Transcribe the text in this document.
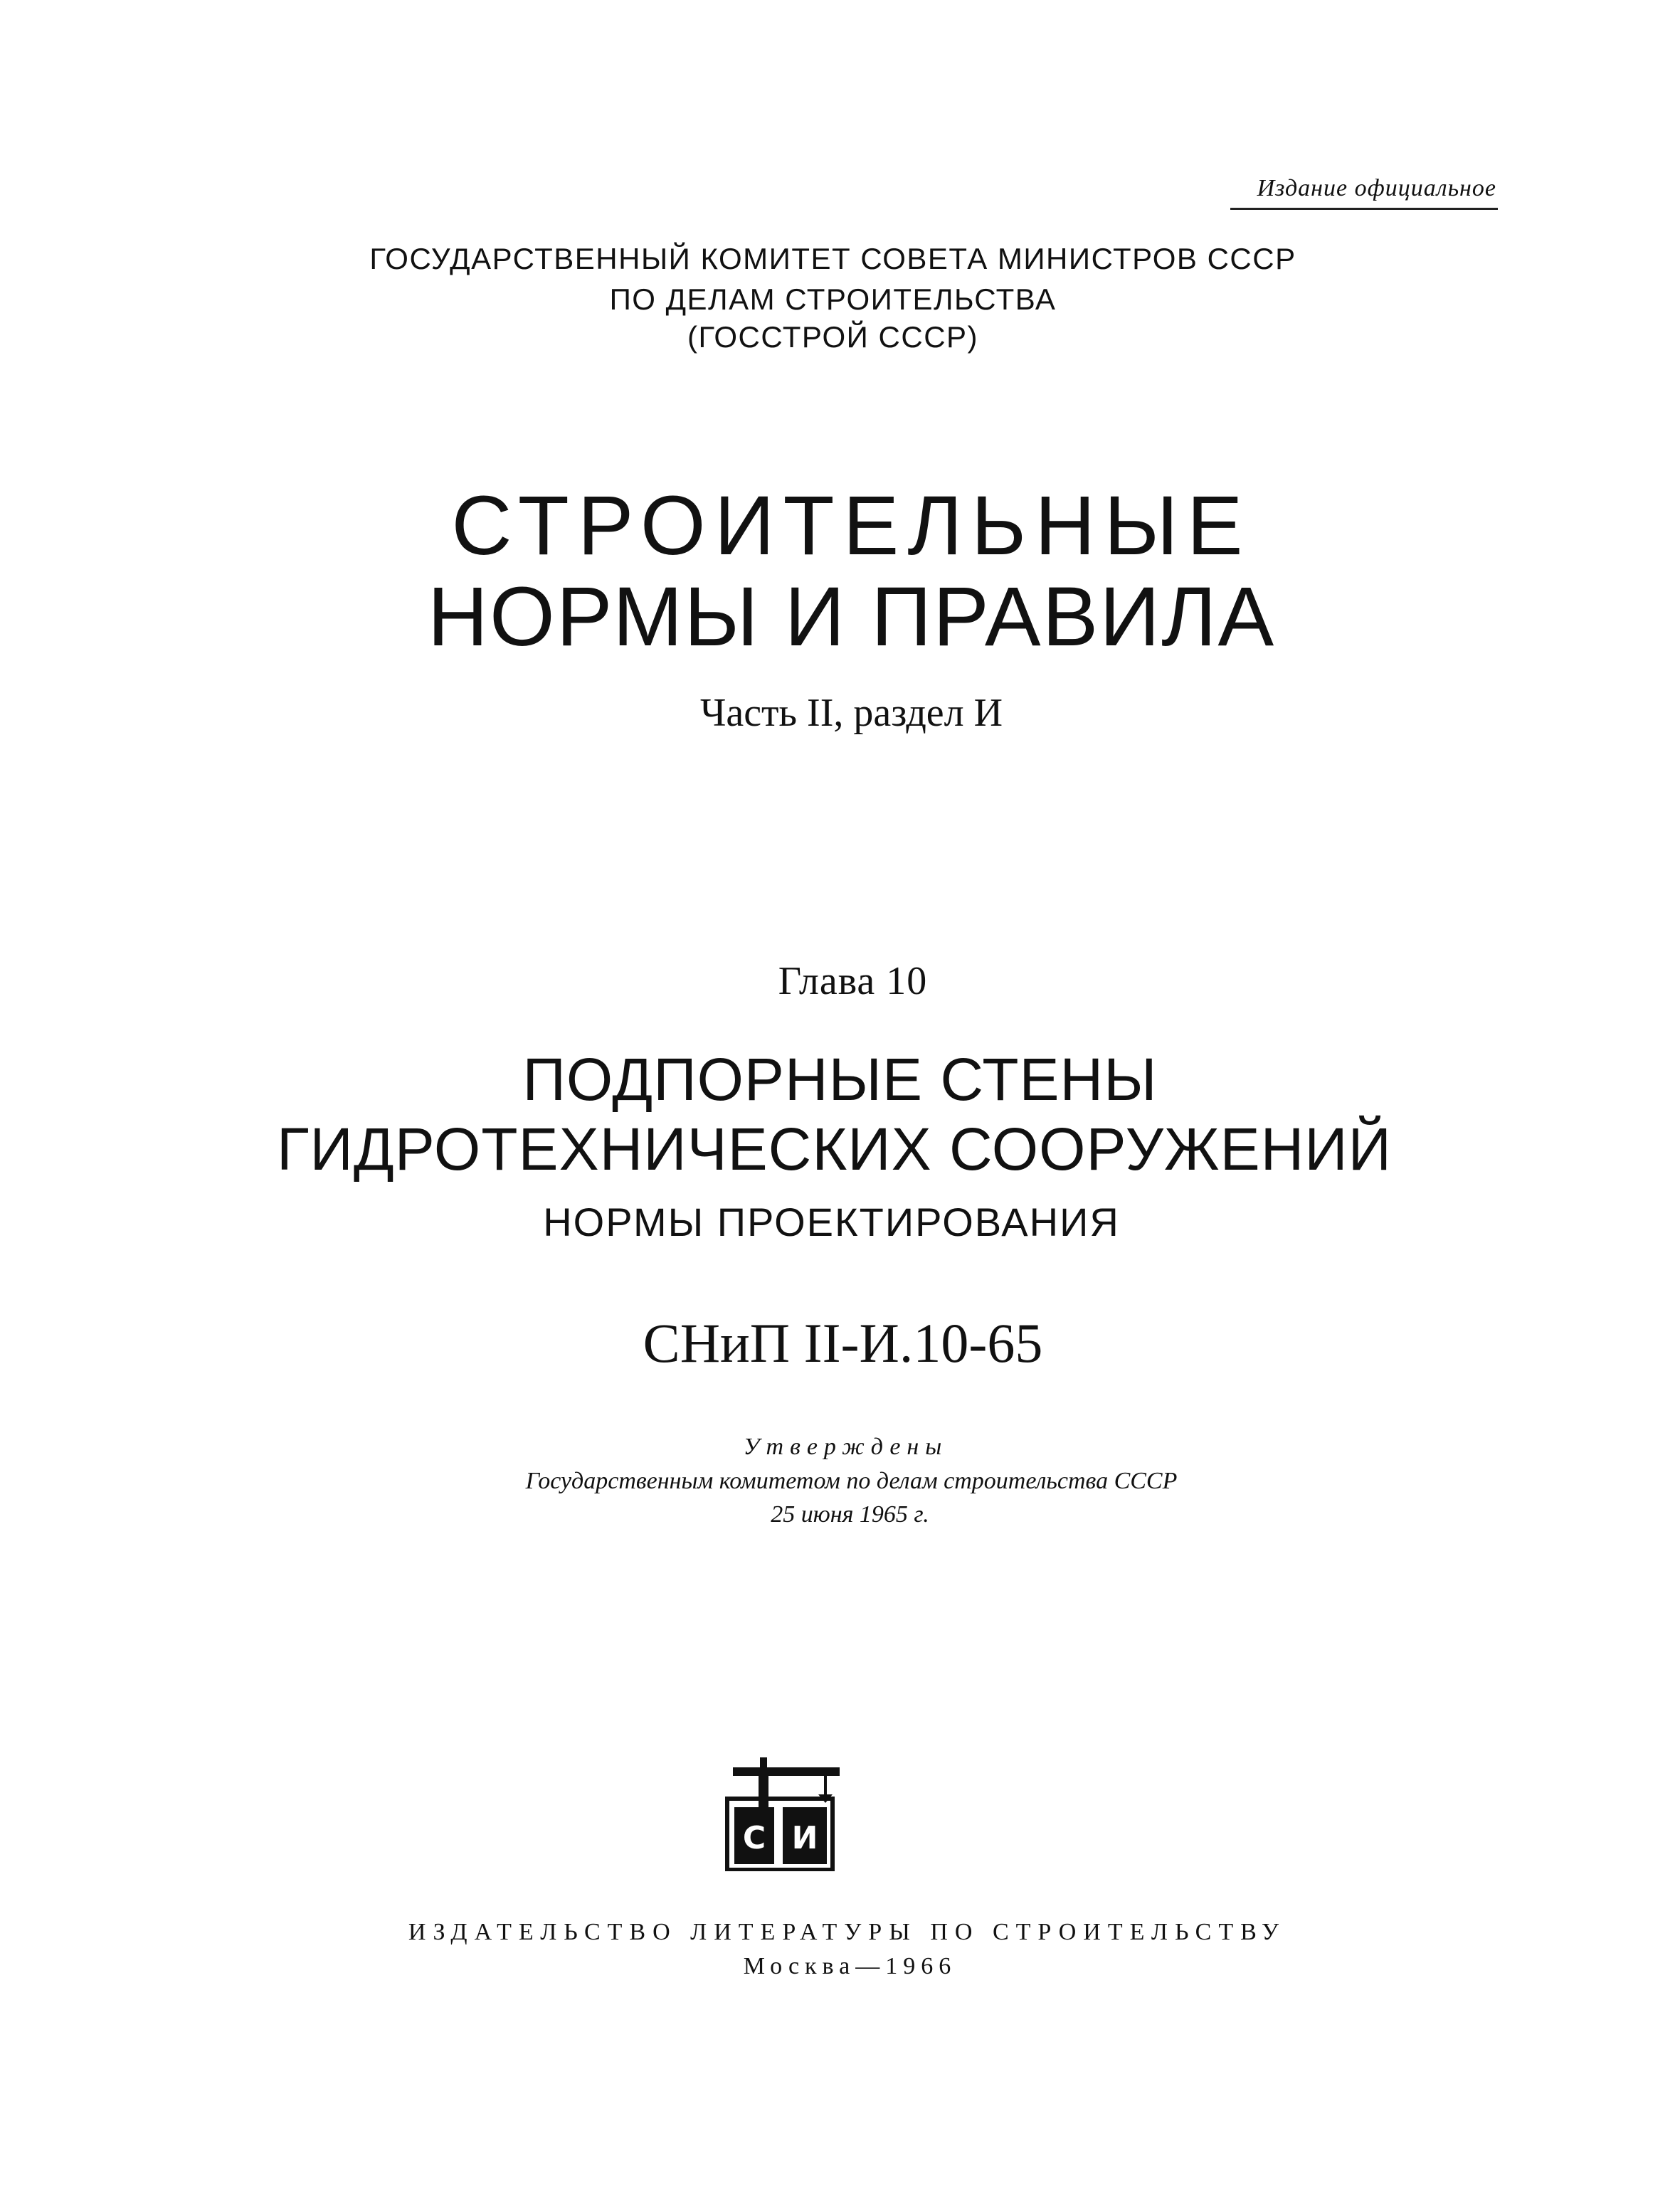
Издание официальное
ГОСУДАРСТВЕННЫЙ КОМИТЕТ СОВЕТА МИНИСТРОВ СССР
ПО ДЕЛАМ СТРОИТЕЛЬСТВА
(ГОССТРОЙ СССР)
СТРОИТЕЛЬНЫЕ
НОРМЫ И ПРАВИЛА
Часть II, раздел И
Глава 10
ПОДПОРНЫЕ СТЕНЫ
ГИДРОТЕХНИЧЕСКИХ СООРУЖЕНИЙ
НОРМЫ ПРОЕКТИРОВАНИЯ
СНиП II-И.10-65
Утверждены
Государственным комитетом по делам строительства СССР
25 июня 1965 г.
С И
ИЗДАТЕЛЬСТВО ЛИТЕРАТУРЫ ПО СТРОИТЕЛЬСТВУ
Москва—1966
